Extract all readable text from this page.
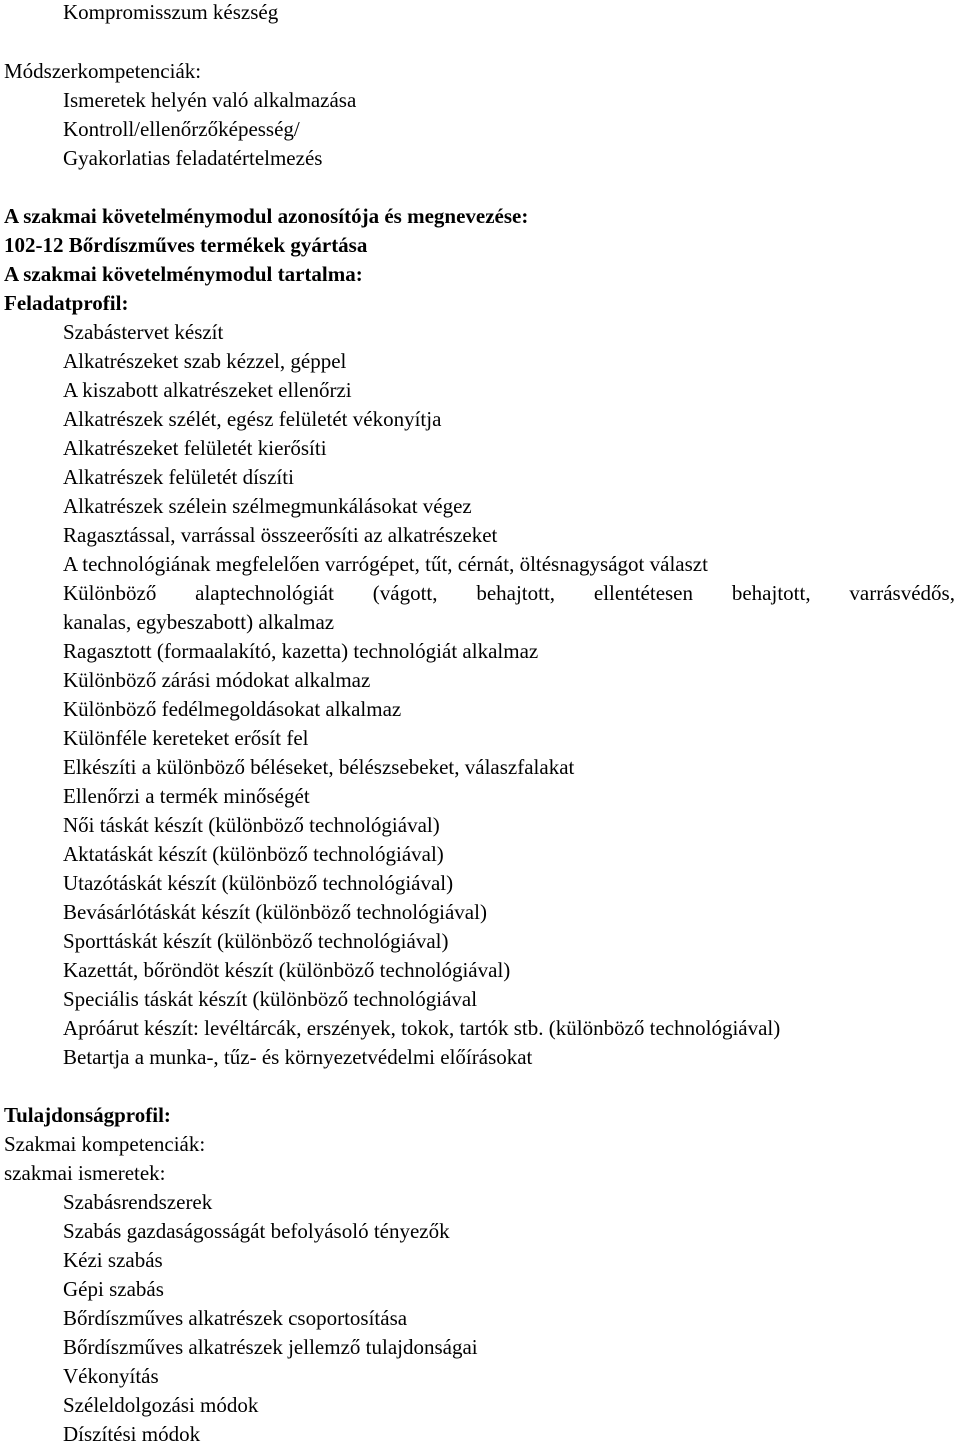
Kompromisszum készség
Módszerkompetenciák:
Ismeretek helyén való alkalmazása
Kontroll/ellenőrzőképesség/
Gyakorlatias feladatértelmezés
A szakmai követelménymodul azonosítója és megnevezése:
102-12 Bőrdíszműves termékek gyártása
A szakmai követelménymodul tartalma:
Feladatprofil:
Szabástervet készít
Alkatrészeket szab kézzel, géppel
A kiszabott alkatrészeket ellenőrzi
Alkatrészek szélét, egész felületét vékonyítja
Alkatrészeket felületét kierősíti
Alkatrészek felületét díszíti
Alkatrészek szélein szélmegmunkálásokat végez
Ragasztással, varrással összeerősíti az alkatrészeket
A technológiának megfelelően varrógépet, tűt, cérnát, öltésnagyságot választ
Különböző alaptechnológiát (vágott, behajtott, ellentétesen behajtott, varrásvédős,
kanalas, egybeszabott) alkalmaz
Ragasztott (formaalakító, kazetta) technológiát alkalmaz
Különböző zárási módokat alkalmaz
Különböző fedélmegoldásokat alkalmaz
Különféle kereteket erősít fel
Elkészíti a különböző béléseket, bélészsebeket, válaszfalakat
Ellenőrzi a termék minőségét
Női táskát készít (különböző technológiával)
Aktatáskát készít (különböző technológiával)
Utazótáskát készít (különböző technológiával)
Bevásárlótáskát készít (különböző technológiával)
Sporttáskát készít (különböző technológiával)
Kazettát, bőröndöt készít (különböző technológiával)
Speciális táskát készít (különböző technológiával
Apróárut készít: levéltárcák, erszények, tokok, tartók stb. (különböző technológiával)
Betartja a munka-, tűz- és környezetvédelmi előírásokat
Tulajdonságprofil:
Szakmai kompetenciák:
szakmai ismeretek:
Szabásrendszerek
Szabás gazdaságosságát befolyásoló tényezők
Kézi szabás
Gépi szabás
Bőrdíszműves alkatrészek csoportosítása
Bőrdíszműves alkatrészek jellemző tulajdonságai
Vékonyítás
Széleldolgozási módok
Díszítési módok
